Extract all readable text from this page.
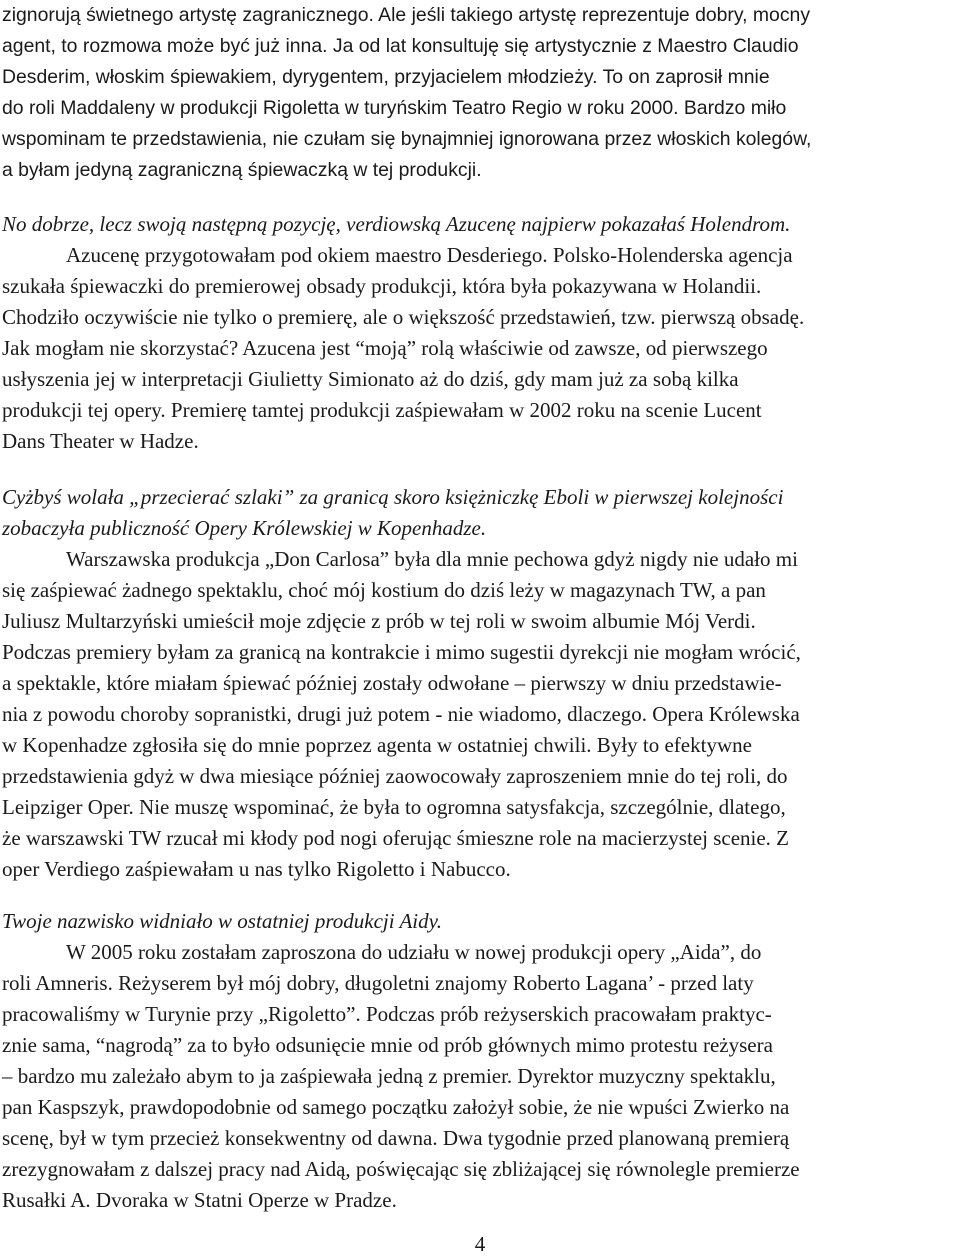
zignorują świetnego artystę zagranicznego. Ale jeśli takiego artystę reprezentuje dobry, mocny
agent, to rozmowa może być już inna. Ja od lat konsultuję się artystycznie z Maestro Claudio
Desderim, włoskim śpiewakiem, dyrygentem, przyjacielem młodzieży. To on zaprosił mnie
do roli Maddaleny w produkcji Rigoletta w turyńskim Teatro Regio w roku 2000. Bardzo miło
wspominam te przedstawienia, nie czułam się bynajmniej ignorowana przez włoskich kolegów,
a byłam jedyną zagraniczną śpiewaczką w tej produkcji.
No dobrze, lecz swoją następną pozycję, verdiowską Azucenę najpierw pokazałaś Holendrom.
Azucenę przygotowałam pod okiem maestro Desderiego. Polsko-Holenderska agencja
szukała śpiewaczki do premierowej obsady produkcji, która była pokazywana w Holandii.
Chodziło oczywiście nie tylko o premierę, ale o większość przedstawień, tzw. pierwszą obsadę.
Jak mogłam nie skorzystać? Azucena jest “moją” rolą właściwie od zawsze, od pierwszego
usłyszenia jej w interpretacji Giulietty Simionato aż do dziś, gdy mam już za sobą kilka
produkcji tej opery. Premierę tamtej produkcji zaśpiewałam w 2002 roku na scenie Lucent
Dans Theater w Hadze.
Cyżbyś wolała „przecierać szlaki” za granicą skoro księżniczkę Eboli w pierwszej kolejności
zobaczyła publiczność Opery Królewskiej w Kopenhadze.
Warszawska produkcja „Don Carlosa” była dla mnie pechowa gdyż nigdy nie udało mi
się zaśpiewać żadnego spektaklu, choć mój kostium do dziś leży w magazynach TW, a pan
Juliusz Multarzyński umieścił moje zdjęcie z prób w tej roli w swoim albumie Mój Verdi.
Podczas premiery byłam za granicą na kontrakcie i mimo sugestii dyrekcji nie mogłam wrócić,
a spektakle, które miałam śpiewać później zostały odwołane – pierwszy w dniu przedstawie-
nia z powodu choroby sopranistki, drugi już potem - nie wiadomo, dlaczego. Opera Królewska
w Kopenhadze zgłosiła się do mnie poprzez agenta w ostatniej chwili. Były to efektywne
przedstawienia gdyż w dwa miesiące później zaowocowały zaproszeniem mnie do tej roli, do
Leipziger Oper. Nie muszę wspominać, że była to ogromna satysfakcja, szczególnie, dlatego,
że warszawski TW rzucał mi kłody pod nogi oferując śmieszne role na macierzystej scenie. Z
oper Verdiego zaśpiewałam u nas tylko Rigoletto i Nabucco.
Twoje nazwisko widniało w ostatniej produkcji Aidy.
W 2005 roku zostałam zaproszona do udziału w nowej produkcji opery „Aida”, do
roli Amneris. Reżyserem był mój dobry, długoletni znajomy Roberto Lagana’ - przed laty
pracowaliśmy w Turynie przy „Rigoletto”. Podczas prób reżyserskich pracowałam praktyc-
znie sama, “nagrodą” za to było odsunięcie mnie od prób głównych mimo protestu reżysera
– bardzo mu zależało abym to ja zaśpiewała jedną z premier. Dyrektor muzyczny spektaklu,
pan Kaspszyk, prawdopodobnie od samego początku założył sobie, że nie wpuści Zwierko na
scenę, był w tym przecież konsekwentny od dawna. Dwa tygodnie przed planowaną premierą
zrezygnowałam z dalszej pracy nad Aidą, poświęcając się zbliżającej się równolegle premierze
Rusałki A. Dvoraka w Statni Operze w Pradze.
4
